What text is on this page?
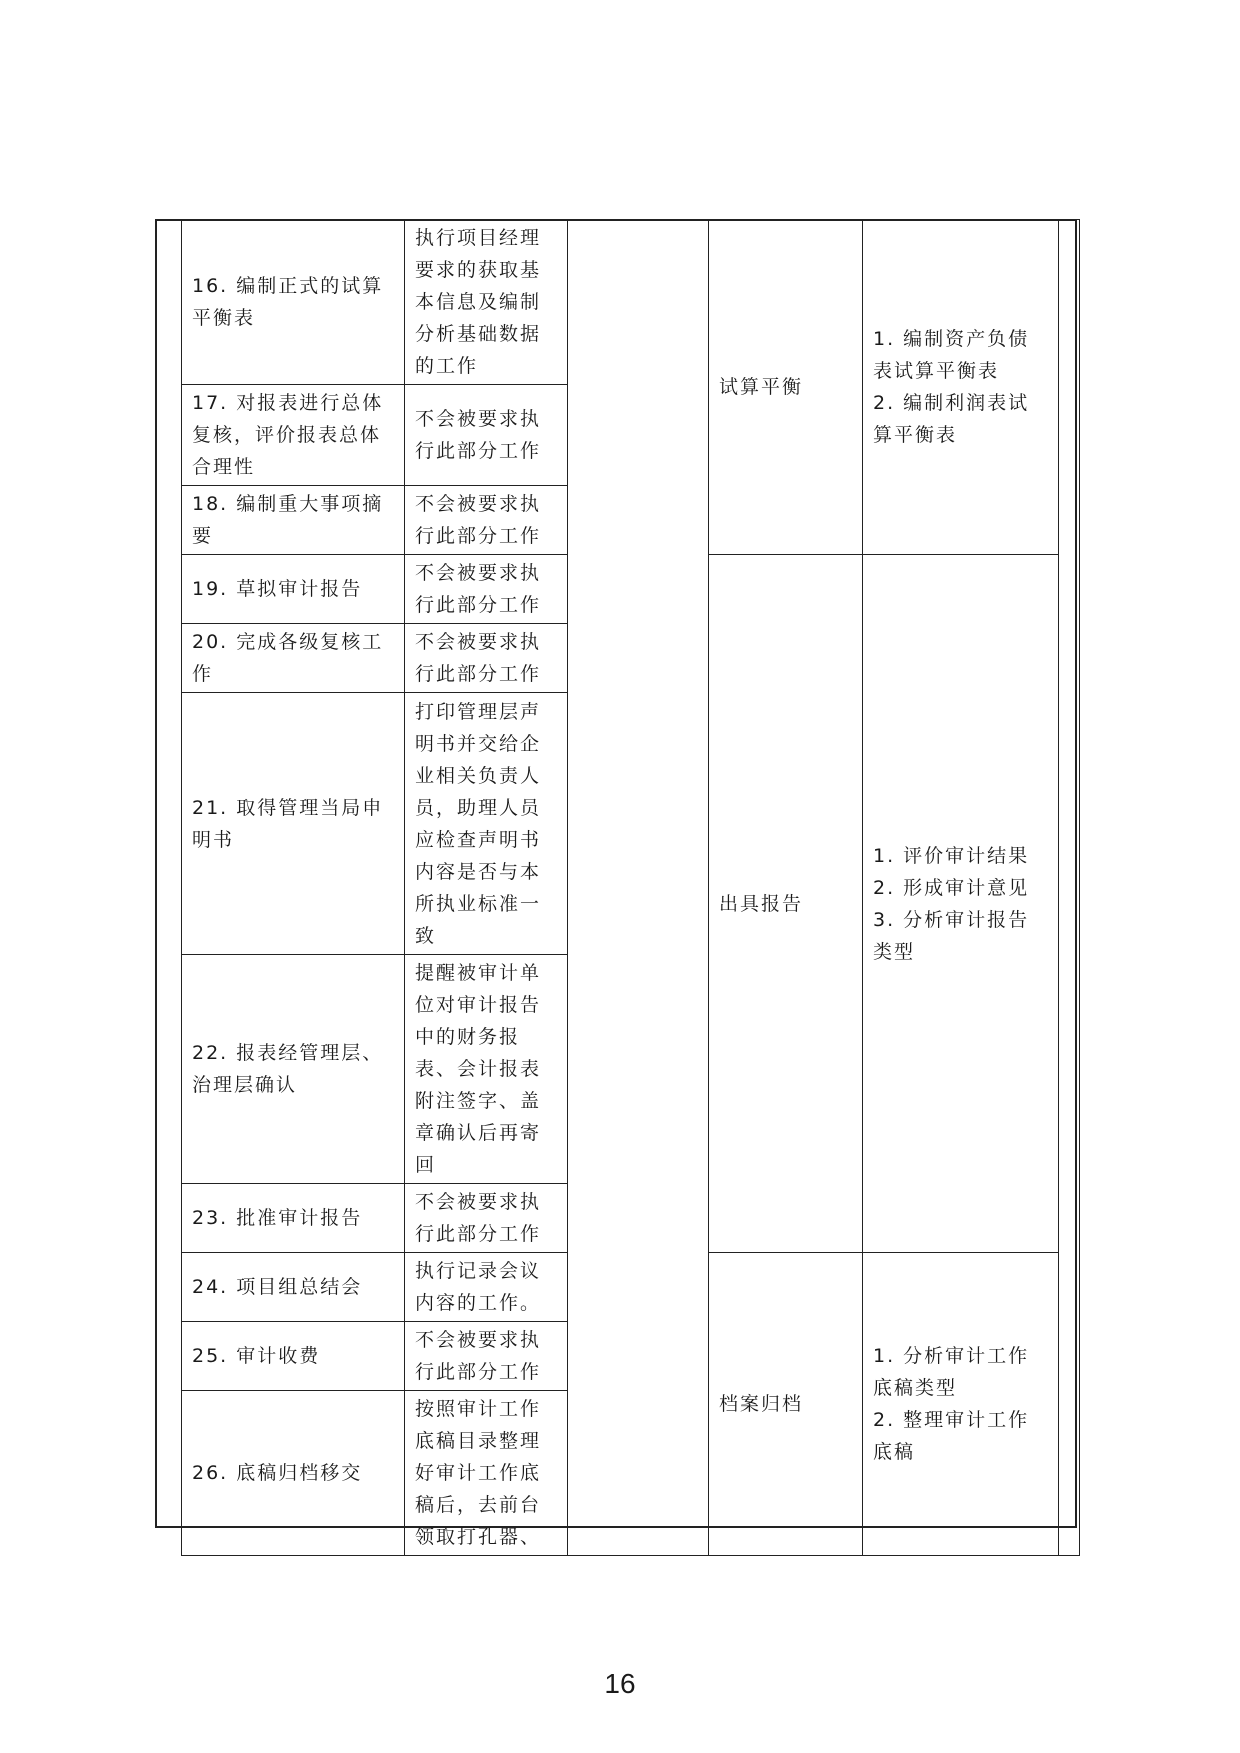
16. 编制正式的试算平衡表	执行项目经理要求的获取基本信息及编制分析基础数据的工作		试算平衡	1. 编制资产负债表试算平衡表
2. 编制利润表试算平衡表	

17. 对报表进行总体复核，评价报表总体合理性	不会被要求执行此部分工作				
18. 编制重大事项摘要	不会被要求执行此部分工作				
19. 草拟审计报告	不会被要求执行此部分工作		出具报告	1. 评价审计结果
2. 形成审计意见
3. 分析审计报告类型	

20. 完成各级复核工作	不会被要求执行此部分工作				
21. 取得管理当局申明书	打印管理层声明书并交给企业相关负责人员，助理人员应检查声明书内容是否与本所执业标准一致				
22. 报表经管理层、治理层确认	提醒被审计单位对审计报告中的财务报表、会计报表附注签字、盖章确认后再寄回				
23. 批准审计报告	不会被要求执行此部分工作				
24. 项目组总结会	执行记录会议内容的工作。		档案归档	1. 分析审计工作底稿类型
2. 整理审计工作底稿	

25. 审计收费	不会被要求执行此部分工作				
26. 底稿归档移交	按照审计工作底稿目录整理好审计工作底稿后，去前台领取打孔器、				
16
